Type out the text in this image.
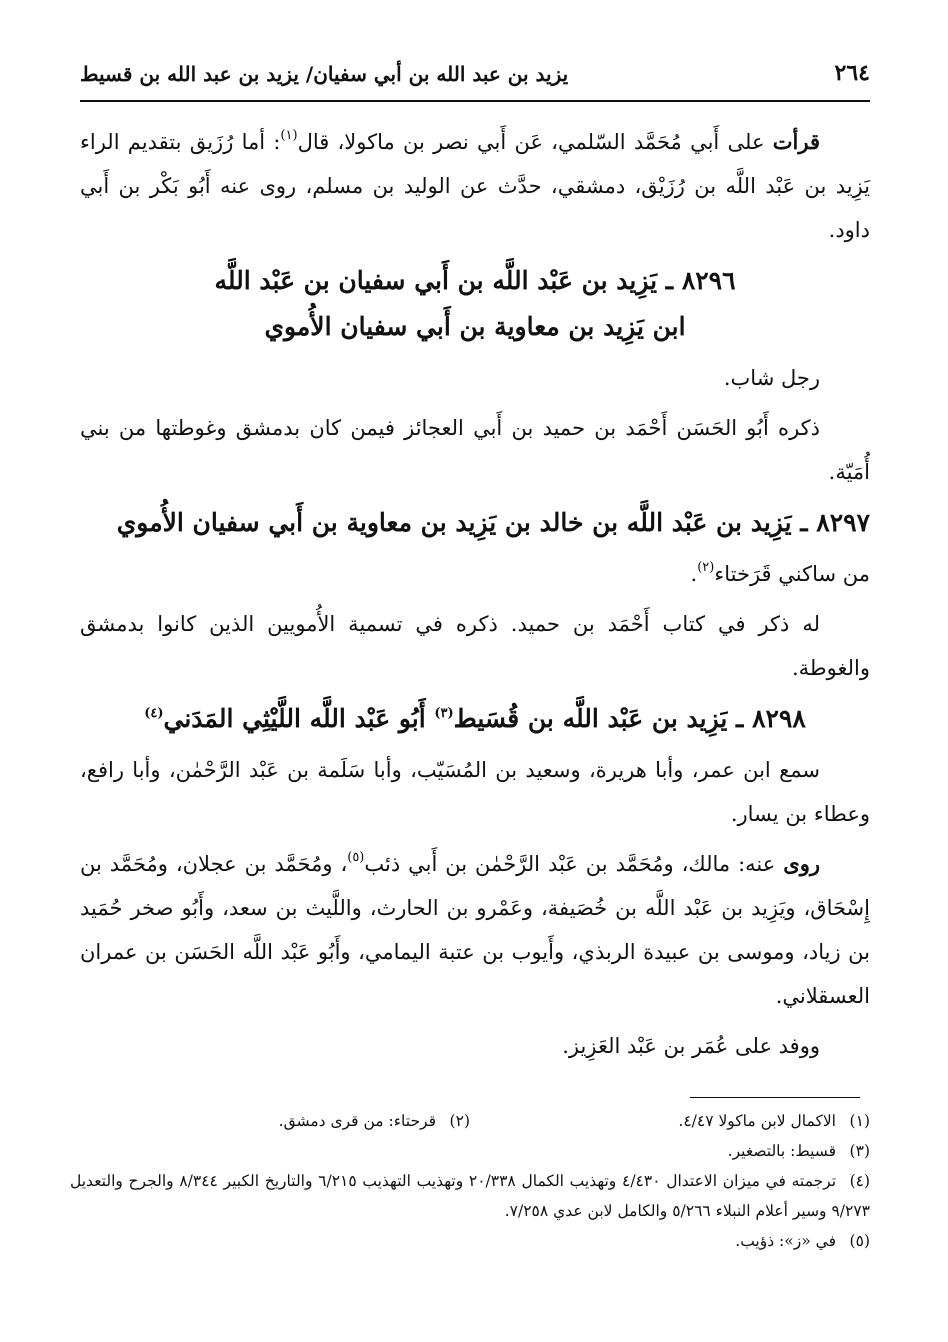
٢٦٤
يزيد بن عبد الله بن أبي سفيان/ يزيد بن عبد الله بن قسيط

قرأت على أَبي مُحَمَّد السّلمي، عَن أَبي نصر بن ماكولا، قال$^{(١)}$: أما رُزَيق بتقديم الراء يَزِيد بن عَبْد اللَّه بن رُزَيْق، دمشقي، حدَّث عن الوليد بن مسلم، روى عنه أَبُو بَكْر بن أَبي داود.

٨٢٩٦ ـ يَزِيد بن عَبْد اللَّه بن أَبي سفيان بن عَبْد اللَّه
ابن يَزِيد بن معاوية بن أَبي سفيان الأُموي

رجل شاب.

ذكره أَبُو الحَسَن أَحْمَد بن حميد بن أَبي العجائز فيمن كان بدمشق وغوطتها من بني أُمَيّة.

٨٢٩٧ ـ يَزِيد بن عَبْد اللَّه بن خالد بن يَزِيد بن معاوية بن أَبي سفيان الأُموي

من ساكني قَرَختاء$^{(٢)}$.

له ذكر في كتاب أَحْمَد بن حميد. ذكره في تسمية الأُمويين الذين كانوا بدمشق والغوطة.

٨٢٩٨ ـ يَزِيد بن عَبْد اللَّه بن قُسَيط$^{(٣)}$ أَبُو عَبْد اللَّه اللَّيْثِي المَدَني$^{(٤)}$

سمع ابن عمر، وأبا هريرة، وسعيد بن المُسَيّب، وأبا سَلَمة بن عَبْد الرَّحْمٰن، وأبا رافع، وعطاء بن يسار.

روى عنه: مالك، ومُحَمَّد بن عَبْد الرَّحْمٰن بن أَبي ذئب$^{(٥)}$، ومُحَمَّد بن عجلان، ومُحَمَّد بن إِسْحَاق، ويَزِيد بن عَبْد اللَّه بن خُصَيفة، وعَمْرو بن الحارث، واللَّيث بن سعد، وأَبُو صخر حُمَيد بن زياد، وموسى بن عبيدة الربذي، وأَيوب بن عتبة اليمامي، وأَبُو عَبْد اللَّه الحَسَن بن عمران العسقلاني.

ووفد على عُمَر بن عَبْد العَزِيز.

(١)الاكمال لابن ماكولا ٤/٤٧.
(٢)قرحتاء: من قرى دمشق.
(٣)قسيط: بالتصغير.
(٤)ترجمته في ميزان الاعتدال ٤/٤٣٠ وتهذيب الكمال ٢٠/٣٣٨ وتهذيب التهذيب ٦/٢١٥ والتاريخ الكبير ٨/٣٤٤ والجرح والتعديل ٩/٢٧٣ وسير أعلام النبلاء ٥/٢٦٦ والكامل لابن عدي ٧/٢٥٨.
(٥)في «ز»: ذؤيب.
